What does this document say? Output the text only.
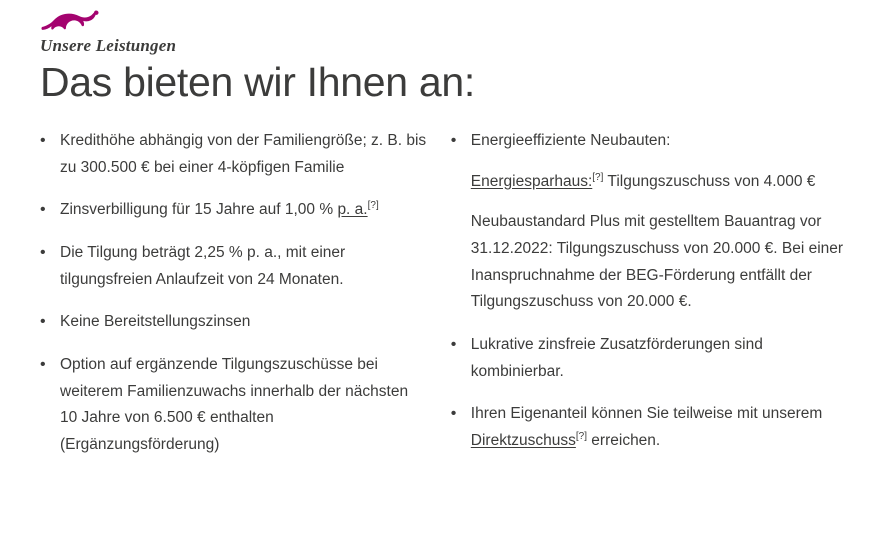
Unsere Leistungen
Das bieten wir Ihnen an:
• Kredithöhe abhängig von der Familiengröße; z. B. bis zu 300.500 € bei einer 4-köpfigen Familie
• Zinsverbilligung für 15 Jahre auf 1,00 % p. a.[?]
• Die Tilgung beträgt 2,25 % p. a., mit einer tilgungsfreien Anlaufzeit von 24 Monaten.
• Keine Bereitstellungszinsen
• Option auf ergänzende Tilgungszuschüsse bei weiterem Familienzuwachs innerhalb der nächsten 10 Jahre von 6.500 € enthalten (Ergänzungsförderung)

• Energieeffiziente Neubauten:

Energiesparhaus:[?] Tilgungszuschuss von 4.000 €

Neubaustandard Plus mit gestelltem Bauantrag vor 31.12.2022: Tilgungszuschuss von 20.000 €. Bei einer Inanspruchnahme der BEG-Förderung entfällt der Tilgungszuschuss von 20.000 €.

• Lukrative zinsfreie Zusatzförderungen sind kombinierbar.
• Ihren Eigenanteil können Sie teilweise mit unserem Direktzuschuss[?] erreichen.
